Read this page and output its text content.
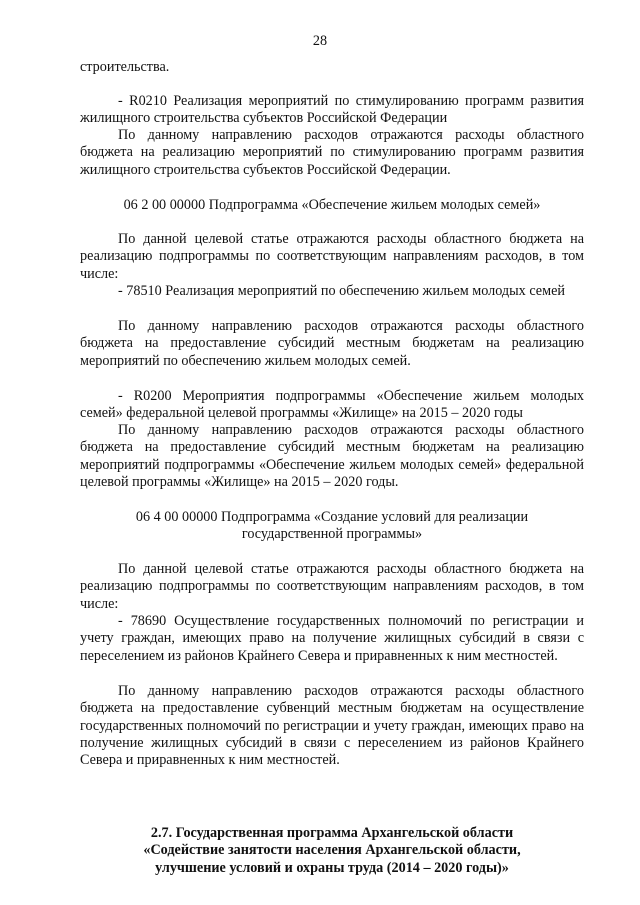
28

строительства.

- R0210 Реализация мероприятий по стимулированию программ развития жилищного строительства субъектов Российской Федерации

По данному направлению расходов отражаются расходы областного бюджета на реализацию мероприятий по стимулированию программ развития жилищного строительства субъектов Российской Федерации.

06 2 00 00000 Подпрограмма «Обеспечение жильем молодых семей»

По данной целевой статье отражаются расходы областного бюджета на реализацию подпрограммы по соответствующим направлениям расходов, в том числе:

- 78510 Реализация мероприятий по обеспечению жильем молодых семей

По данному направлению расходов отражаются расходы областного бюджета на предоставление субсидий местным бюджетам на реализацию мероприятий по обеспечению жильем молодых семей.

- R0200 Мероприятия подпрограммы «Обеспечение жильем молодых семей» федеральной целевой программы «Жилище» на 2015 – 2020 годы

По данному направлению расходов отражаются расходы областного бюджета на предоставление субсидий местным бюджетам на реализацию мероприятий подпрограммы «Обеспечение жильем молодых семей» федеральной целевой программы «Жилище» на 2015 – 2020 годы.

06 4 00 00000 Подпрограмма «Создание условий для реализации государственной программы»

По данной целевой статье отражаются расходы областного бюджета на реализацию подпрограммы по соответствующим направлениям расходов, в том числе:

- 78690 Осуществление государственных полномочий по регистрации и учету граждан, имеющих право на получение жилищных субсидий в связи с переселением из районов Крайнего Севера и приравненных к ним местностей.

По данному направлению расходов отражаются расходы областного бюджета на предоставление субвенций местным бюджетам на осуществление государственных полномочий по регистрации и учету граждан, имеющих право на получение жилищных субсидий в связи с переселением из районов Крайнего Севера и приравненных к ним местностей.

2.7. Государственная программа Архангельской области «Содействие занятости населения Архангельской области, улучшение условий и охраны труда (2014 – 2020 годы)»
